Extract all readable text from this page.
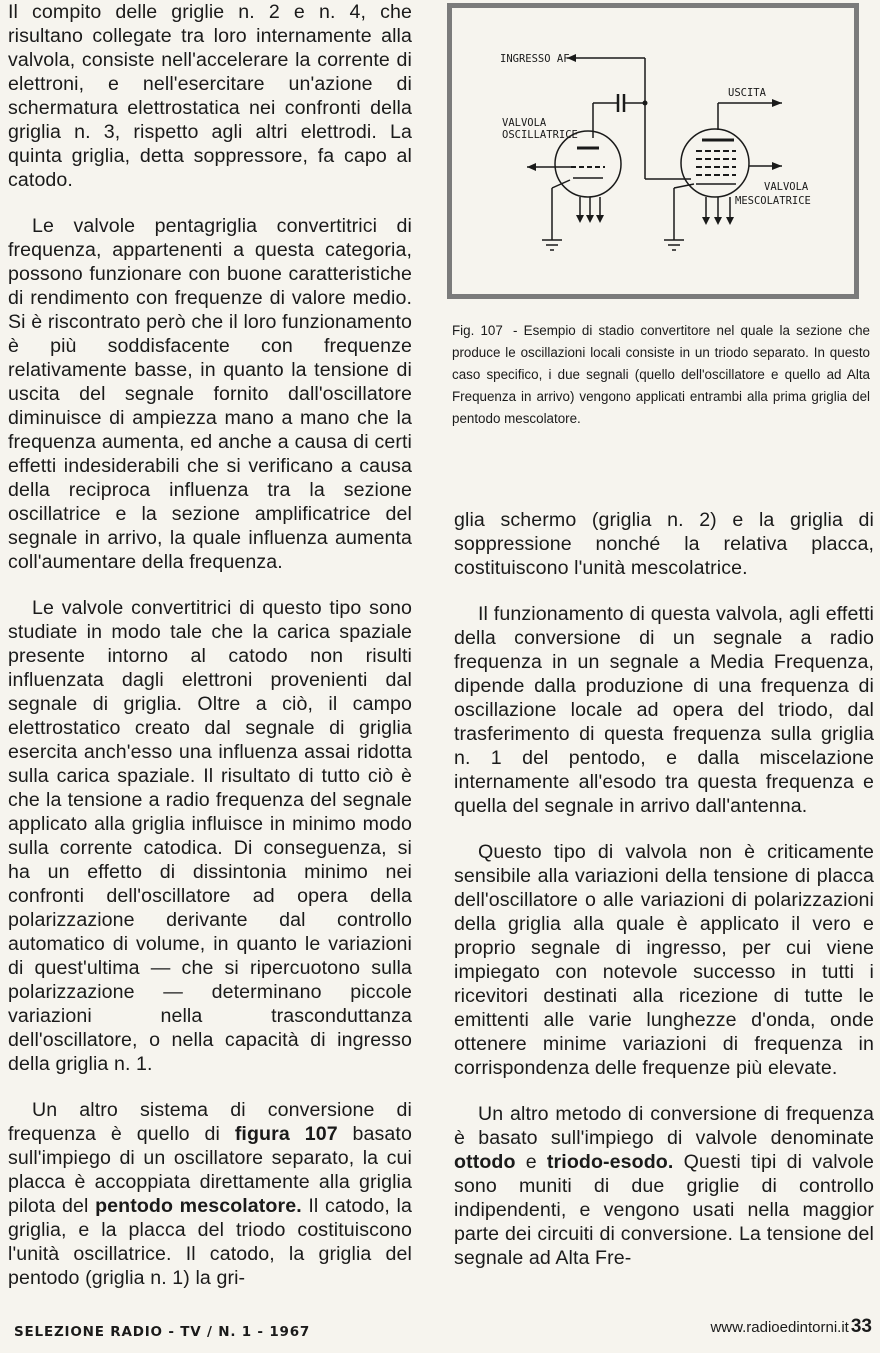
Il compito delle griglie n. 2 e n. 4, che risultano collegate tra loro internamente alla valvola, consiste nell'accelerare la corrente di elettroni, e nell'esercitare un'azione di schermatura elettrostatica nei confronti della griglia n. 3, rispetto agli altri elettrodi. La quinta griglia, detta soppressore, fa capo al catodo.

Le valvole pentagriglia convertitrici di frequenza, appartenenti a questa categoria, possono funzionare con buone caratteristiche di rendimento con frequenze di valore medio. Si è riscontrato però che il loro funzionamento è più soddisfacente con frequenze relativamente basse, in quanto la tensione di uscita del segnale fornito dall'oscillatore diminuisce di ampiezza mano a mano che la frequenza aumenta, ed anche a causa di certi effetti indesiderabili che si verificano a causa della reciproca influenza tra la sezione oscillatrice e la sezione amplificatrice del segnale in arrivo, la quale influenza aumenta coll'aumentare della frequenza.

Le valvole convertitrici di questo tipo sono studiate in modo tale che la carica spaziale presente intorno al catodo non risulti influenzata dagli elettroni provenienti dal segnale di griglia. Oltre a ciò, il campo elettrostatico creato dal segnale di griglia esercita anch'esso una influenza assai ridotta sulla carica spaziale. Il risultato di tutto ciò è che la tensione a radio frequenza del segnale applicato alla griglia influisce in minimo modo sulla corrente catodica. Di conseguenza, si ha un effetto di dissintonia minimo nei confronti dell'oscillatore ad opera della polarizzazione derivante dal controllo automatico di volume, in quanto le variazioni di quest'ultima — che si ripercuotono sulla polarizzazione — determinano piccole variazioni nella trasconduttanza dell'oscillatore, o nella capacità di ingresso della griglia n. 1.

Un altro sistema di conversione di frequenza è quello di figura 107 basato sull'impiego di un oscillatore separato, la cui placca è accoppiata direttamente alla griglia pilota del pentodo mescolatore. Il catodo, la griglia, e la placca del triodo costituiscono l'unità oscillatrice. Il catodo, la griglia del pentodo (griglia n. 1) la gri-

INGRESSO AF
USCITA
VALVOLA
OSCILLATRICE
VALVOLA
MESCOLATRICE
Fig. 107 - Esempio di stadio convertitore nel quale la sezione che produce le oscillazioni locali consiste in un triodo separato. In questo caso specifico, i due segnali (quello dell'oscillatore e quello ad Alta Frequenza in arrivo) vengono applicati entrambi alla prima griglia del pentodo mescolatore.

glia schermo (griglia n. 2) e la griglia di soppressione nonché la relativa placca, costituiscono l'unità mescolatrice.

Il funzionamento di questa valvola, agli effetti della conversione di un segnale a radio frequenza in un segnale a Media Frequenza, dipende dalla produzione di una frequenza di oscillazione locale ad opera del triodo, dal trasferimento di questa frequenza sulla griglia n. 1 del pentodo, e dalla miscelazione internamente all'esodo tra questa frequenza e quella del segnale in arrivo dall'antenna.

Questo tipo di valvola non è criticamente sensibile alla variazioni della tensione di placca dell'oscillatore o alle variazioni di polarizzazioni della griglia alla quale è applicato il vero e proprio segnale di ingresso, per cui viene impiegato con notevole successo in tutti i ricevitori destinati alla ricezione di tutte le emittenti alle varie lunghezze d'onda, onde ottenere minime variazioni di frequenza in corrispondenza delle frequenze più elevate.

Un altro metodo di conversione di frequenza è basato sull'impiego di valvole denominate ottodo e triodo-esodo. Questi tipi di valvole sono muniti di due griglie di controllo indipendenti, e vengono usati nella maggior parte dei circuiti di conversione. La tensione del segnale ad Alta Fre-

SELEZIONE RADIO - TV / N. 1 - 1967	www.radioedintorni.it 33
